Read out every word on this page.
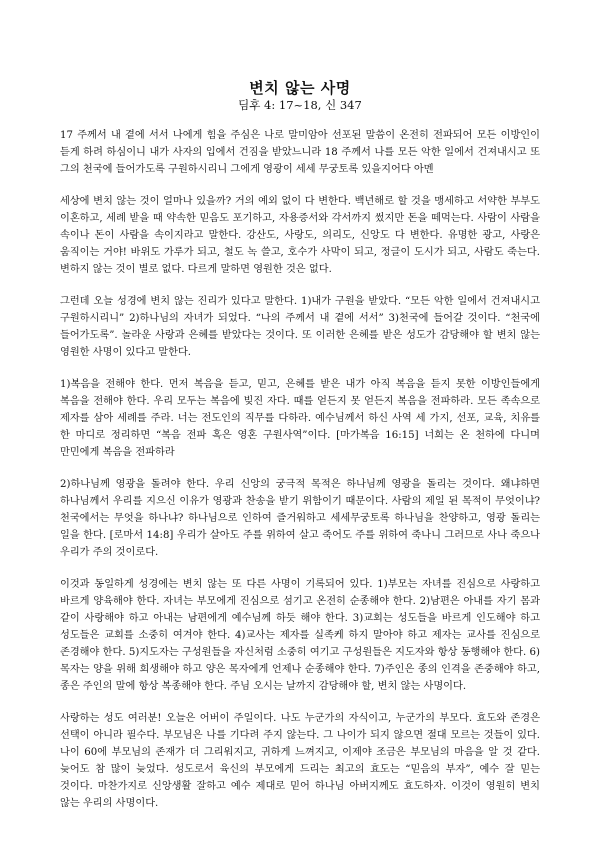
변치 않는 사명
딤후 4: 17~18, 신 347

17 주께서 내 곁에 서서 나에게 힘을 주심은 나로 말미암아 선포된 말씀이 온전히 전파되어 모든 이방인이 듣게 하려 하심이니 내가 사자의 입에서 건짐을 받았느니라 18 주께서 나를 모든 악한 일에서 건져내시고 또 그의 천국에 들어가도록 구원하시리니 그에게 영광이 세세 무궁토록 있을지어다 아멘

세상에 변치 않는 것이 얼마나 있을까? 거의 예외 없이 다 변한다. 백년해로 할 것을 맹세하고 서약한 부부도 이혼하고, 세례 받을 때 약속한 믿음도 포기하고, 자용증서와 각서까지 썼지만 돈을 떼먹는다. 사람이 사람을 속이나 돈이 사람을 속이지라고 말한다. 강산도, 사랑도, 의리도, 신앙도 다 변한다. 유명한 광고, 사랑은 움직이는 거야! 바위도 가루가 되고, 철도 녹 쓸고, 호수가 사막이 되고, 정글이 도시가 되고, 사람도 죽는다. 변하지 않는 것이 별로 없다. 다르게 말하면 영원한 것은 없다.

그런데 오늘 성경에 변치 않는 진리가 있다고 말한다. 1)내가 구원을 받았다. “모든 악한 일에서 건져내시고 구원하시리니” 2)하나님의 자녀가 되었다. “나의 주께서 내 곁에 서서” 3)천국에 들어갈 것이다. “천국에 들어가도록”. 놀라운 사랑과 은혜를 받았다는 것이다. 또 이러한 은혜를 받은 성도가 감당해야 할 변치 않는 영원한 사명이 있다고 말한다.

1)복음을 전해야 한다. 먼저 복음을 듣고, 믿고, 은혜를 받은 내가 아직 복음을 듣지 못한 이방인들에게 복음을 전해야 한다. 우리 모두는 복음에 빚진 자다. 때를 얻든지 못 얻든지 복음을 전파하라. 모든 족속으로 제자를 삼아 세례를 주라. 너는 전도인의 직무를 다하라. 예수님께서 하신 사역 세 가지, 선포, 교육, 치유를 한 마디로 정리하면 “복음 전파 혹은 영혼 구원사역”이다. [마가복음 16:15] 너희는 온 천하에 다니며 만민에게 복음을 전파하라

2)하나님께 영광을 돌려야 한다. 우리 신앙의 궁극적 목적은 하나님께 영광을 돌리는 것이다. 왜냐하면 하나님께서 우리를 지으신 이유가 영광과 찬송을 받기 위함이기 때문이다. 사람의 제일 된 목적이 무엇이냐? 천국에서는 무엇을 하나냐? 하나님으로 인하여 즐거워하고 세세무궁토록 하나님을 찬양하고, 영광 돌리는 일을 한다. [로마서 14:8] 우리가 살아도 주를 위하여 살고 죽어도 주를 위하여 죽나니 그러므로 사나 죽으나 우리가 주의 것이로다.

이것과 동일하게 성경에는 변치 않는 또 다른 사명이 기록되어 있다. 1)부모는 자녀를 진심으로 사랑하고 바르게 양육해야 한다. 자녀는 부모에게 진심으로 섬기고 온전히 순종해야 한다. 2)남편은 아내를 자기 몸과 같이 사랑해야 하고 아내는 남편에게 예수님께 하듯 해야 한다. 3)교회는 성도들을 바르게 인도해야 하고 성도들은 교회를 소중히 여겨야 한다. 4)교사는 제자를 실족케 하지 말아야 하고 제자는 교사를 진심으로 존경해야 한다. 5)지도자는 구성원들을 자신처럼 소중히 여기고 구성원들은 지도자와 항상 동행해야 한다. 6)목자는 양을 위해 희생해야 하고 양은 목자에게 언제나 순종해야 한다. 7)주인은 종의 인격을 존중해야 하고, 종은 주인의 말에 항상 복종해야 한다. 주님 오시는 날까지 감당해야 할, 변치 않는 사명이다.

사랑하는 성도 여러분! 오늘은 어버이 주일이다. 나도 누군가의 자식이고, 누군가의 부모다. 효도와 존경은 선택이 아니라 필수다. 부모님은 나를 기다려 주지 않는다. 그 나이가 되지 않으면 절대 모르는 것들이 있다. 나이 60에 부모님의 존재가 더 그리워지고, 귀하게 느껴지고, 이제야 조금은 부모님의 마음을 알 것 같다. 늦어도 참 많이 늦었다. 성도로서 육신의 부모에게 드리는 최고의 효도는 “믿음의 부자”, 예수 잘 믿는 것이다. 마찬가지로 신앙생활 잘하고 예수 제대로 믿어 하나님 아버지께도 효도하자. 이것이 영원히 변치 않는 우리의 사명이다.
